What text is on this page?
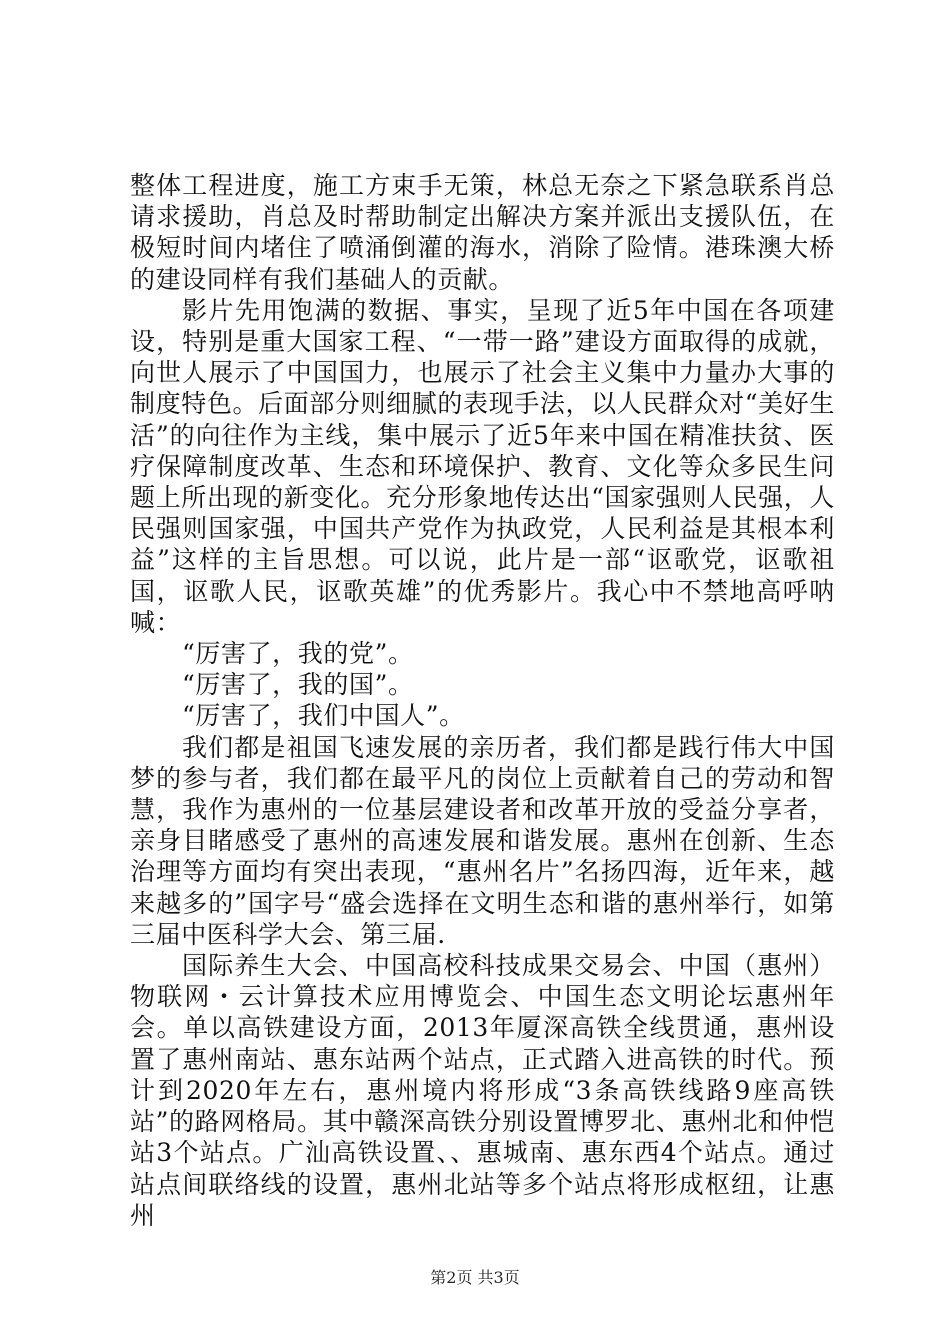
整体工程进度，施工方束手无策，林总无奈之下紧急联系肖总请求援助，肖总及时帮助制定出解决方案并派出支援队伍，在极短时间内堵住了喷涌倒灌的海水，消除了险情。港珠澳大桥的建设同样有我们基础人的贡献。

影片先用饱满的数据、事实，呈现了近5年中国在各项建设，特别是重大国家工程、“一带一路”建设方面取得的成就，向世人展示了中国国力，也展示了社会主义集中力量办大事的制度特色。后面部分则细腻的表现手法，以人民群众对“美好生活”的向往作为主线，集中展示了近5年来中国在精准扶贫、医疗保障制度改革、生态和环境保护、教育、文化等众多民生问题上所出现的新变化。充分形象地传达出“国家强则人民强，人民强则国家强，中国共产党作为执政党，人民利益是其根本利益”这样的主旨思想。可以说，此片是一部“讴歌党，讴歌祖国，讴歌人民，讴歌英雄”的优秀影片。我心中不禁地高呼呐喊：

“厉害了，我的党”。

“厉害了，我的国”。

“厉害了，我们中国人”。

我们都是祖国飞速发展的亲历者，我们都是践行伟大中国梦的参与者，我们都在最平凡的岗位上贡献着自己的劳动和智慧，我作为惠州的一位基层建设者和改革开放的受益分享者，亲身目睹感受了惠州的高速发展和谐发展。惠州在创新、生态治理等方面均有突出表现，“惠州名片”名扬四海，近年来，越来越多的”国字号“盛会选择在文明生态和谐的惠州举行，如第三届中医科学大会、第三届.

国际养生大会、中国高校科技成果交易会、中国（惠州）物联网・云计算技术应用博览会、中国生态文明论坛惠州年会。单以高铁建设方面，2013年厦深高铁全线贯通，惠州设置了惠州南站、惠东站两个站点，正式踏入进高铁的时代。预计到2020年左右，惠州境内将形成“3条高铁线路9座高铁站”的路网格局。其中赣深高铁分别设置博罗北、惠州北和仲恺站3个站点。广汕高铁设置、、惠城南、惠东西4个站点。通过站点间联络线的设置，惠州北站等多个站点将形成枢纽，让惠州

第2页 共3页
